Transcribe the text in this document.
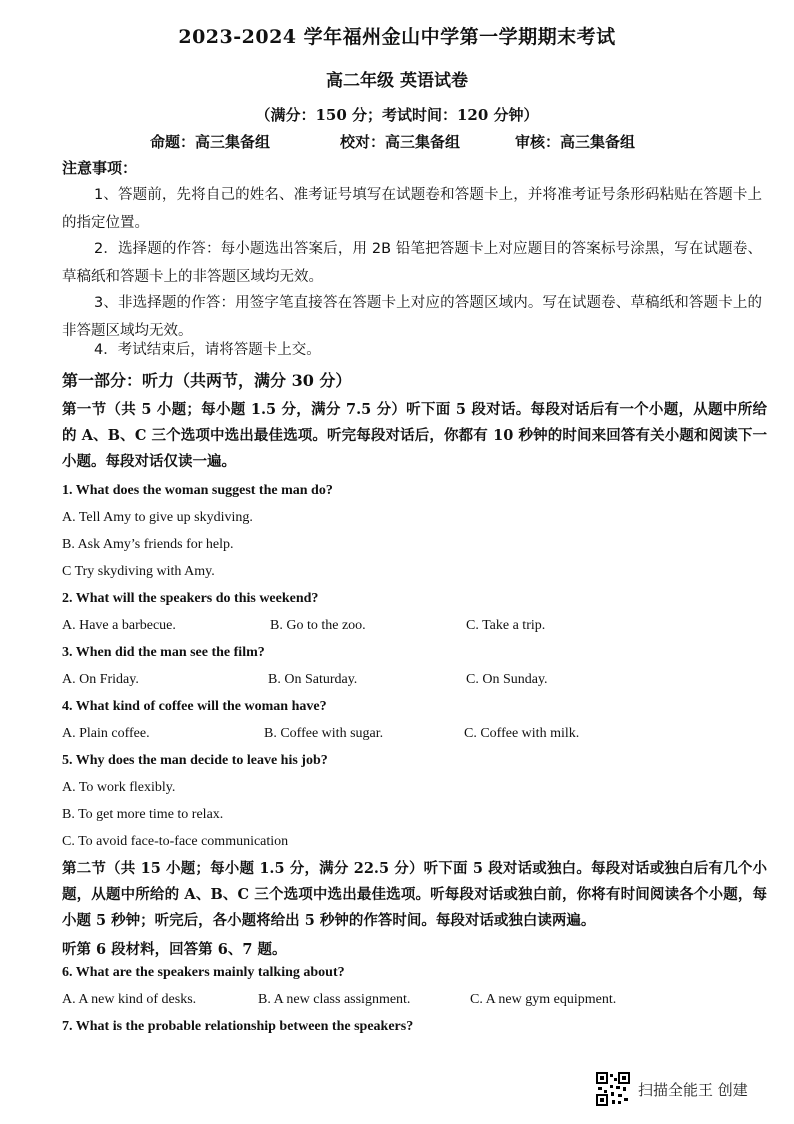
2023-2024 学年福州金山中学第一学期期末考试
高二年级 英语试卷
（满分：150 分；考试时间：120 分钟）
命题：高三集备组	校对：高三集备组	审核：高三集备组
注意事项：
1、答题前，先将自己的姓名、准考证号填写在试题卷和答题卡上，并将准考证号条形码粘贴在答题卡上的指定位置。
2．选择题的作答：每小题选出答案后，用 2B 铅笔把答题卡上对应题目的答案标号涂黑，写在试题卷、草稿纸和答题卡上的非答题区域均无效。
3、非选择题的作答：用签字笔直接答在答题卡上对应的答题区域内。写在试题卷、草稿纸和答题卡上的非答题区域均无效。
4．考试结束后，请将答题卡上交。
第一部分：听力（共两节，满分 30 分）
第一节（共 5 小题；每小题 1.5 分，满分 7.5 分）听下面 5 段对话。每段对话后有一个小题，从题中所给的 A、B、C 三个选项中选出最佳选项。听完每段对话后，你都有 10 秒钟的时间来回答有关小题和阅读下一小题。每段对话仅读一遍。
1. What does the woman suggest the man do?
A. Tell Amy to give up skydiving.
B. Ask Amy’s friends for help.
C Try skydiving with Amy.
2. What will the speakers do this weekend?
A. Have a barbecue.	B. Go to the zoo.	C. Take a trip.
3. When did the man see the film?
A. On Friday.	B. On Saturday.	C. On Sunday.
4. What kind of coffee will the woman have?
A. Plain coffee.	B. Coffee with sugar.	C. Coffee with milk.
5. Why does the man decide to leave his job?
A. To work flexibly.
B. To get more time to relax.
C. To avoid face-to-face communication
第二节（共 15 小题；每小题 1.5 分，满分 22.5 分）听下面 5 段对话或独白。每段对话或独白后有几个小题，从题中所给的 A、B、C 三个选项中选出最佳选项。听每段对话或独白前，你将有时间阅读各个小题，每小题 5 秒钟；听完后，各小题将给出 5 秒钟的作答时间。每段对话或独白读两遍。
听第 6 段材料，回答第 6、7 题。
6. What are the speakers mainly talking about?
A. A new kind of desks.	B. A new class assignment.	C. A new gym equipment.
7. What is the probable relationship between the speakers?
扫描全能王 创建
